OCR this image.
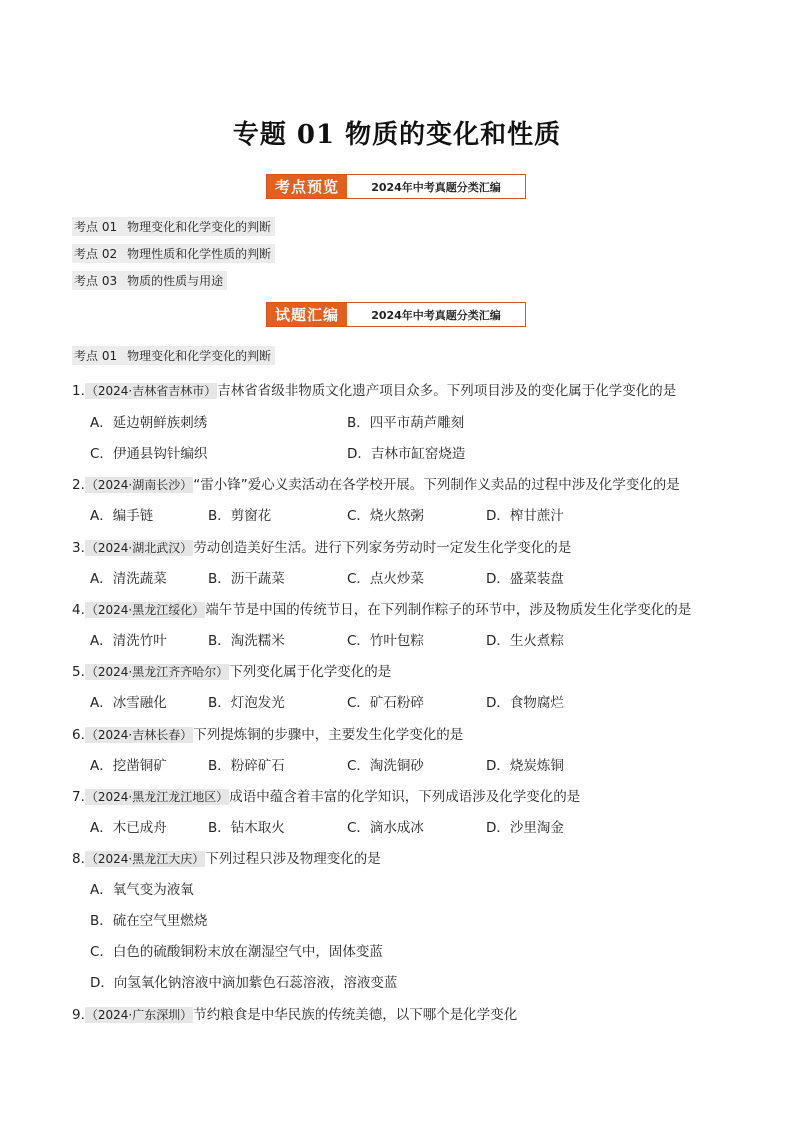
专题 01 物质的变化和性质
考点预览	2024年中考真题分类汇编
考点 01 物理变化和化学变化的判断
考点 02 物理性质和化学性质的判断
考点 03 物质的性质与用途
试题汇编	2024年中考真题分类汇编
考点 01 物理变化和化学变化的判断
1.（2024·吉林省吉林市）吉林省省级非物质文化遗产项目众多。下列项目涉及的变化属于化学变化的是
A．延边朝鲜族刺绣	B．四平市葫芦雕刻
C．伊通县钩针编织	D．吉林市缸窑烧造
2.（2024·湖南长沙）“雷小锋”爱心义卖活动在各学校开展。下列制作义卖品的过程中涉及化学变化的是
A．编手链	B．剪窗花	C．烧火熬粥	D．榨甘蔗汁
3.（2024·湖北武汉）劳动创造美好生活。进行下列家务劳动时一定发生化学变化的是
A．清洗蔬菜	B．沥干蔬菜	C．点火炒菜	D．盛菜装盘
4.（2024·黑龙江绥化）端午节是中国的传统节日，在下列制作粽子的环节中，涉及物质发生化学变化的是
A．清洗竹叶	B．淘洗糯米	C．竹叶包粽	D．生火煮粽
5.（2024·黑龙江齐齐哈尔）下列变化属于化学变化的是
A．冰雪融化	B．灯泡发光	C．矿石粉碎	D．食物腐烂
6.（2024·吉林长春）下列提炼铜的步骤中，主要发生化学变化的是
A．挖凿铜矿	B．粉碎矿石	C．淘洗铜砂	D．烧炭炼铜
7.（2024·黑龙江龙江地区）成语中蕴含着丰富的化学知识，下列成语涉及化学变化的是
A．木已成舟	B．钻木取火	C．滴水成冰	D．沙里淘金
8.（2024·黑龙江大庆）下列过程只涉及物理变化的是
A．氧气变为液氧
B．硫在空气里燃烧
C．白色的硫酸铜粉末放在潮湿空气中，固体变蓝
D．向氢氧化钠溶液中滴加紫色石蕊溶液，溶液变蓝
9.（2024·广东深圳）节约粮食是中华民族的传统美德，以下哪个是化学变化
